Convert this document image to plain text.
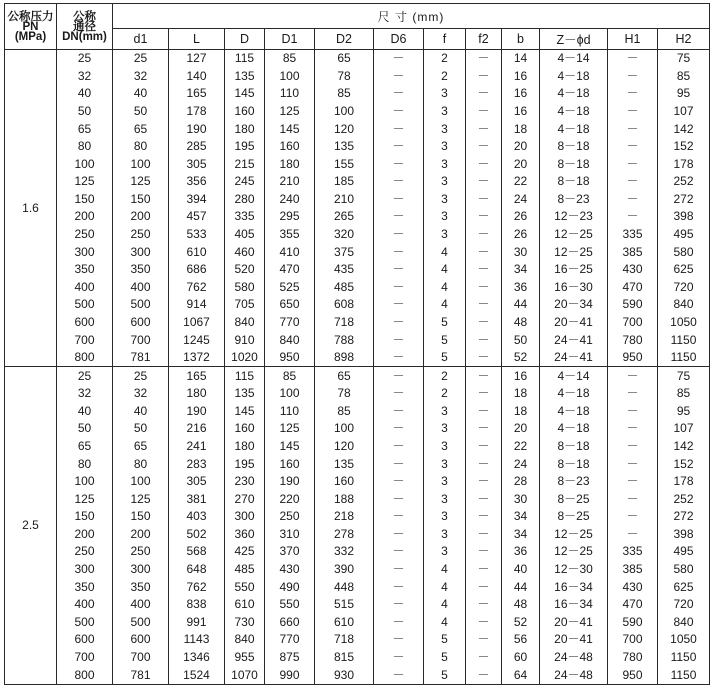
公称压力
PN
(MPa)	公称
通径
DN(mm)	尺 寸 (mm)											
		d1	L	D	D1	D2	D6	f	f2	b	Z－ϕd	H1	H2
1.6	25	25	127	115	85	65	－	2	－	14	4－14	－	75
	32	32	140	135	100	78	－	2	－	16	4－18	－	85
	40	40	165	145	110	85	－	3	－	16	4－18	－	95
	50	50	178	160	125	100	－	3	－	16	4－18	－	107
	65	65	190	180	145	120	－	3	－	18	4－18	－	142
	80	80	285	195	160	135	－	3	－	20	8－18	－	152
	100	100	305	215	180	155	－	3	－	20	8－18	－	178
	125	125	356	245	210	185	－	3	－	22	8－18	－	252
	150	150	394	280	240	210	－	3	－	24	8－23	－	272
	200	200	457	335	295	265	－	3	－	26	12－23	－	398
	250	250	533	405	355	320	－	3	－	26	12－25	335	495
	300	300	610	460	410	375	－	4	－	30	12－25	385	580
	350	350	686	520	470	435	－	4	－	34	16－25	430	625
	400	400	762	580	525	485	－	4	－	36	16－30	470	720
	500	500	914	705	650	608	－	4	－	44	20－34	590	840
	600	600	1067	840	770	718	－	5	－	48	20－41	700	1050
	700	700	1245	910	840	788	－	5	－	50	24－41	780	1150
	800	781	1372	1020	950	898	－	5	－	52	24－41	950	1150
2.5	25	25	165	115	85	65	－	2	－	16	4－14	－	75
	32	32	180	135	100	78	－	2	－	18	4－18	－	85
	40	40	190	145	110	85	－	3	－	18	4－18	－	95
	50	50	216	160	125	100	－	3	－	20	4－18	－	107
	65	65	241	180	145	120	－	3	－	22	8－18	－	142
	80	80	283	195	160	135	－	3	－	24	8－18	－	152
	100	100	305	230	190	160	－	3	－	28	8－23	－	178
	125	125	381	270	220	188	－	3	－	30	8－25	－	252
	150	150	403	300	250	218	－	3	－	34	8－25	－	272
	200	200	502	360	310	278	－	3	－	34	12－25	－	398
	250	250	568	425	370	332	－	3	－	36	12－25	335	495
	300	300	648	485	430	390	－	4	－	40	12－30	385	580
	350	350	762	550	490	448	－	4	－	44	16－34	430	625
	400	400	838	610	550	515	－	4	－	48	16－34	470	720
	500	500	991	730	660	610	－	4	－	52	20－41	590	840
	600	600	1143	840	770	718	－	5	－	56	20－41	700	1050
	700	700	1346	955	875	815	－	5	－	60	24－48	780	1150
	800	781	1524	1070	990	930	－	5	－	64	24－48	950	1150
